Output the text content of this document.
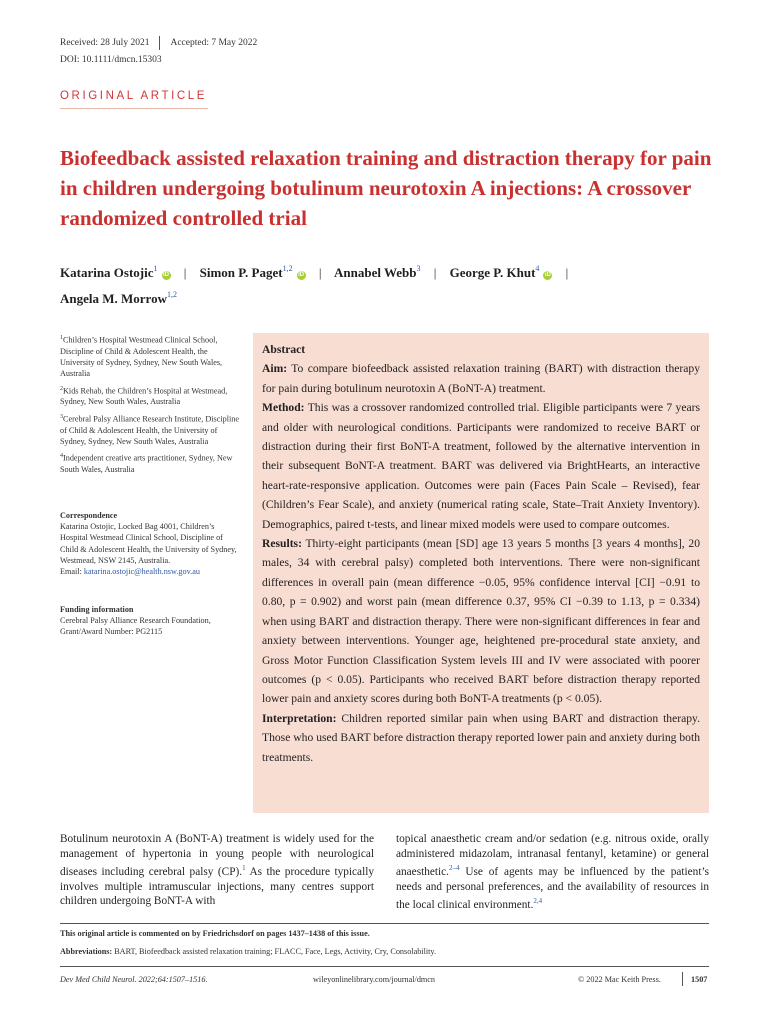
Received: 28 July 2021 Accepted: 7 May 2022
DOI: 10.1111/dmcn.15303
ORIGINAL ARTICLE
Biofeedback assisted relaxation training and distraction therapy for pain in children undergoing botulinum neurotoxin A injections: A crossover randomized controlled trial
Katarina Ostojic$^1$iD | Simon P. Paget$^{1,2}$iD | Annabel Webb$^3$ | George P. Khut$^4$iD |
Angela M. Morrow$^{1,2}$
$^1$Children’s Hospital Westmead Clinical School, Discipline of Child & Adolescent Health, the University of Sydney, Sydney, New South Wales, Australia
$^2$Kids Rehab, the Children’s Hospital at Westmead, Sydney, New South Wales, Australia
$^3$Cerebral Palsy Alliance Research Institute, Discipline of Child & Adolescent Health, the University of Sydney, Sydney, New South Wales, Australia
$^4$Independent creative arts practitioner, Sydney, New South Wales, Australia
Correspondence
Katarina Ostojic, Locked Bag 4001, Children’s Hospital Westmead Clinical School, Discipline of Child & Adolescent Health, the University of Sydney, Westmead, NSW 2145, Australia.
Email: katarina.ostojic@health.nsw.gov.au
Funding information
Cerebral Palsy Alliance Research Foundation, Grant/Award Number: PG2115

Abstract

Aim: To compare biofeedback assisted relaxation training (BART) with distraction therapy for pain during botulinum neurotoxin A (BoNT-A) treatment.

Method: This was a crossover randomized controlled trial. Eligible participants were 7 years and older with neurological conditions. Participants were randomized to receive BART or distraction during their first BoNT-A treatment, followed by the alternative intervention in their subsequent BoNT-A treatment. BART was delivered via BrightHearts, an interactive heart-rate-responsive application. Outcomes were pain (Faces Pain Scale – Revised), fear (Children’s Fear Scale), and anxiety (numerical rating scale, State–Trait Anxiety Inventory). Demographics, paired t-tests, and linear mixed models were used to compare outcomes.

Results: Thirty-eight participants (mean [SD] age 13 years 5 months [3 years 4 months], 20 males, 34 with cerebral palsy) completed both interventions. There were non-significant differences in overall pain (mean difference −0.05, 95% confidence interval [CI] −0.91 to 0.80, p = 0.902) and worst pain (mean difference 0.37, 95% CI −0.39 to 1.13, p = 0.334) when using BART and distraction therapy. There were non-significant differences in fear and anxiety between interventions. Younger age, heightened pre-procedural state anxiety, and Gross Motor Function Classification System levels III and IV were associated with poorer outcomes (p < 0.05). Participants who received BART before distraction therapy reported lower pain and anxiety scores during both BoNT-A treatments (p < 0.05).

Interpretation: Children reported similar pain when using BART and distraction therapy. Those who used BART before distraction therapy reported lower pain and anxiety during both treatments.

Botulinum neurotoxin A (BoNT-A) treatment is widely used for the management of hypertonia in young people with neurological diseases including cerebral palsy (CP).$^1$ As the procedure typically involves multiple intramuscular injections, many centres support children undergoing BoNT-A with
topical anaesthetic cream and/or sedation (e.g. nitrous oxide, orally administered midazolam, intranasal fentanyl, ketamine) or general anaesthetic.$^{2-4}$ Use of agents may be influenced by the patient’s needs and personal preferences, and the availability of resources in the local clinical environment.$^{2,4}$
This original article is commented on by Friedrichsdorf on pages 1437–1438 of this issue.
Abbreviations: BART, Biofeedback assisted relaxation training; FLACC, Face, Legs, Activity, Cry, Consolability.
Dev Med Child Neurol. 2022;64:1507–1516.	wileyonlinelibrary.com/journal/dmcn	© 2022 Mac Keith Press.	1507
